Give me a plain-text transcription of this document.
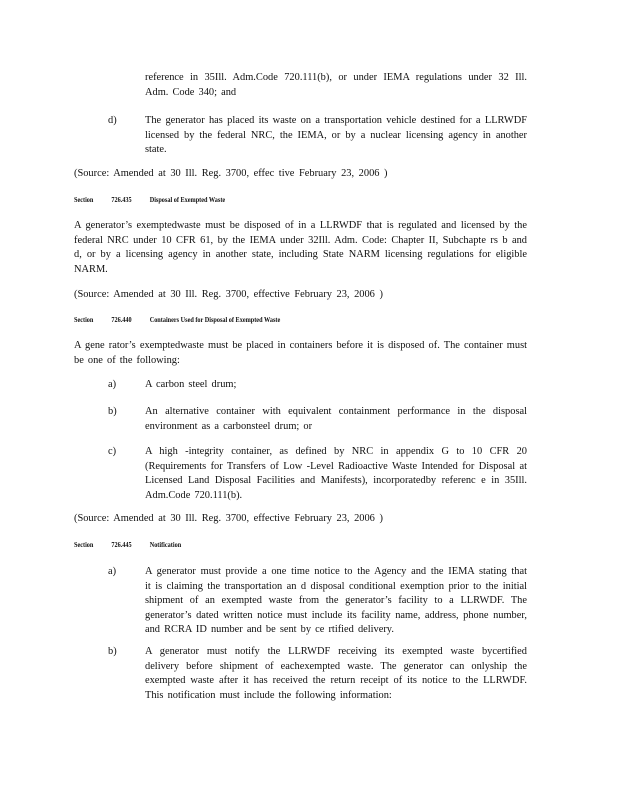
reference in 35Ill. Adm.Code 720.111(b), or under IEMA regulations under 32 Ill. Adm. Code 340; and

d)	The generator has placed its waste on a transportation vehicle destined for a LLRWDF licensed by the federal NRC, the IEMA, or by a nuclear licensing agency in another state.

(Source: Amended at 30 Ill. Reg. 3700, effec tive February 23, 2006 )

Section 726.435 Disposal of Exempted Waste

A generator’s exemptedwaste must be disposed of in a LLRWDF that is regulated and licensed by the federal NRC under 10 CFR 61, by the IEMA under 32Ill. Adm. Code: Chapter II, Subchapte rs b and d, or by a licensing agency in another state, including State NARM licensing regulations for eligible NARM.

(Source: Amended at 30 Ill. Reg. 3700, effective February 23, 2006 )

Section 726.440 Containers Used for Disposal of Exempted Waste

A gene rator’s exemptedwaste must be placed in containers before it is disposed of. The container must be one of the following:

a)	A carbon steel drum;

b)	An alternative container with equivalent containment performance in the disposal environment as a carbonsteel drum; or

c)	A high -integrity container, as defined by NRC in appendix G to 10 CFR 20 (Requirements for Transfers of Low -Level Radioactive Waste Intended for Disposal at Licensed Land Disposal Facilities and Manifests), incorporatedby referenc e in 35Ill. Adm.Code 720.111(b).

(Source: Amended at 30 Ill. Reg. 3700, effective February 23, 2006 )

Section 726.445 Notification

a)	A generator must provide a one time notice to the Agency and the IEMA stating that it is claiming the transportation an d disposal conditional exemption prior to the initial shipment of an exempted waste from the generator’s facility to a LLRWDF. The generator’s dated written notice must include its facility name, address, phone number, and RCRA ID number and be sent by ce rtified delivery.

b)	A generator must notify the LLRWDF receiving its exempted waste bycertified delivery before shipment of eachexempted waste. The generator can onlyship the exempted waste after it has received the return receipt of its notice to the LLRWDF. This notification must include the following information:
